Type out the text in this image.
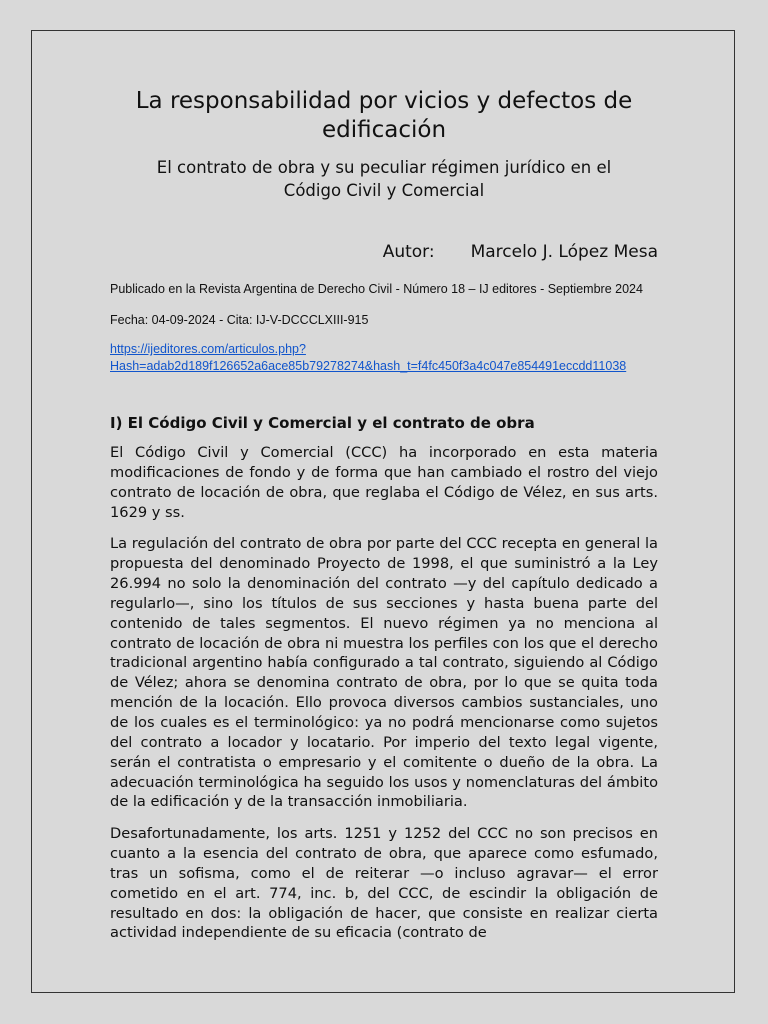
La responsabilidad por vicios y defectos de edificación
El contrato de obra y su peculiar régimen jurídico en el Código Civil y Comercial
Autor: Marcelo J. López Mesa
Publicado en la Revista Argentina de Derecho Civil - Número 18 – IJ editores - Septiembre 2024
Fecha: 04-09-2024 - Cita: IJ-V-DCCCLXIII-915
https://ijeditores.com/articulos.php?
Hash=adab2d189f126652a6ace85b79278274&hash_t=f4fc450f3a4c047e854491eccdd11038
I) El Código Civil y Comercial y el contrato de obra

El Código Civil y Comercial (CCC) ha incorporado en esta materia modificaciones de fondo y de forma que han cambiado el rostro del viejo contrato de locación de obra, que reglaba el Código de Vélez, en sus arts. 1629 y ss.

La regulación del contrato de obra por parte del CCC recepta en general la propuesta del denominado Proyecto de 1998, el que suministró a la Ley 26.994 no solo la denominación del contrato —y del capítulo dedicado a regularlo—, sino los títulos de sus secciones y hasta buena parte del contenido de tales segmentos. El nuevo régimen ya no menciona al contrato de locación de obra ni muestra los perfiles con los que el derecho tradicional argentino había configurado a tal contrato, siguiendo al Código de Vélez; ahora se denomina contrato de obra, por lo que se quita toda mención de la locación. Ello provoca diversos cambios sustanciales, uno de los cuales es el terminológico: ya no podrá mencionarse como sujetos del contrato a locador y locatario. Por imperio del texto legal vigente, serán el contratista o empresario y el comitente o dueño de la obra. La adecuación terminológica ha seguido los usos y nomenclaturas del ámbito de la edificación y de la transacción inmobiliaria.

Desafortunadamente, los arts. 1251 y 1252 del CCC no son precisos en cuanto a la esencia del contrato de obra, que aparece como esfumado, tras un sofisma, como el de reiterar —o incluso agravar— el error cometido en el art. 774, inc. b, del CCC, de escindir la obligación de resultado en dos: la obligación de hacer, que consiste en realizar cierta actividad independiente de su eficacia (contrato de
